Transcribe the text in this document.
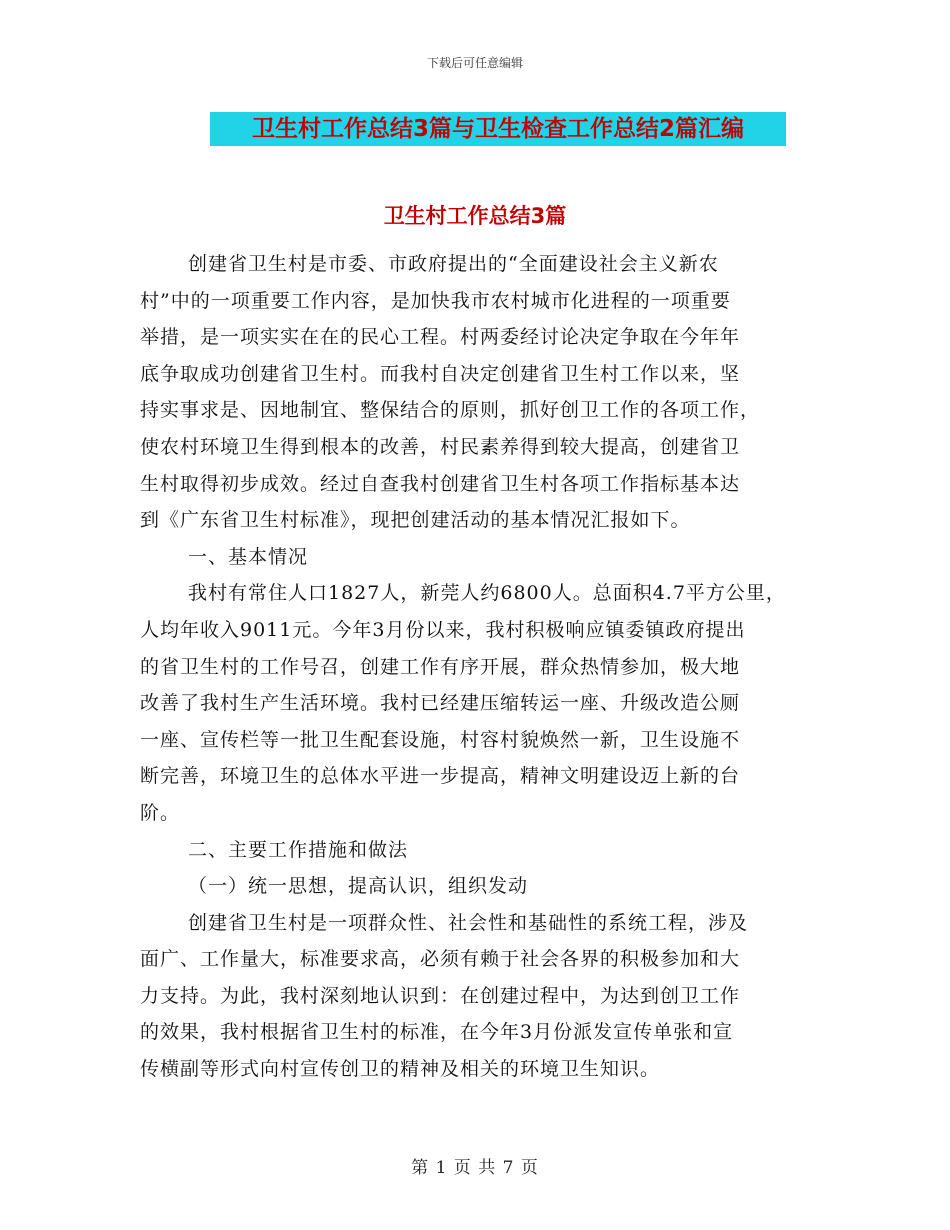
下载后可任意编辑
卫生村工作总结3篇与卫生检查工作总结2篇汇编
卫生村工作总结3篇
创建省卫生村是市委、市政府提出的“全面建设社会主义新农
村”中的一项重要工作内容，是加快我市农村城市化进程的一项重要
举措，是一项实实在在的民心工程。村两委经讨论决定争取在今年年
底争取成功创建省卫生村。而我村自决定创建省卫生村工作以来，坚
持实事求是、因地制宜、整保结合的原则，抓好创卫工作的各项工作，
使农村环境卫生得到根本的改善，村民素养得到较大提高，创建省卫
生村取得初步成效。经过自查我村创建省卫生村各项工作指标基本达
到《广东省卫生村标准》，现把创建活动的基本情况汇报如下。
一、基本情况
我村有常住人口1827人，新莞人约6800人。总面积4.7平方公里，
人均年收入9011元。今年3月份以来，我村积极响应镇委镇政府提出
的省卫生村的工作号召，创建工作有序开展，群众热情参加，极大地
改善了我村生产生活环境。我村已经建压缩转运一座、升级改造公厕
一座、宣传栏等一批卫生配套设施，村容村貌焕然一新，卫生设施不
断完善，环境卫生的总体水平进一步提高，精神文明建设迈上新的台
阶。
二、主要工作措施和做法
（一）统一思想，提高认识，组织发动
创建省卫生村是一项群众性、社会性和基础性的系统工程，涉及
面广、工作量大，标准要求高，必须有赖于社会各界的积极参加和大
力支持。为此，我村深刻地认识到：在创建过程中，为达到创卫工作
的效果，我村根据省卫生村的标准，在今年3月份派发宣传单张和宣
传横副等形式向村宣传创卫的精神及相关的环境卫生知识。
第 1 页 共 7 页
